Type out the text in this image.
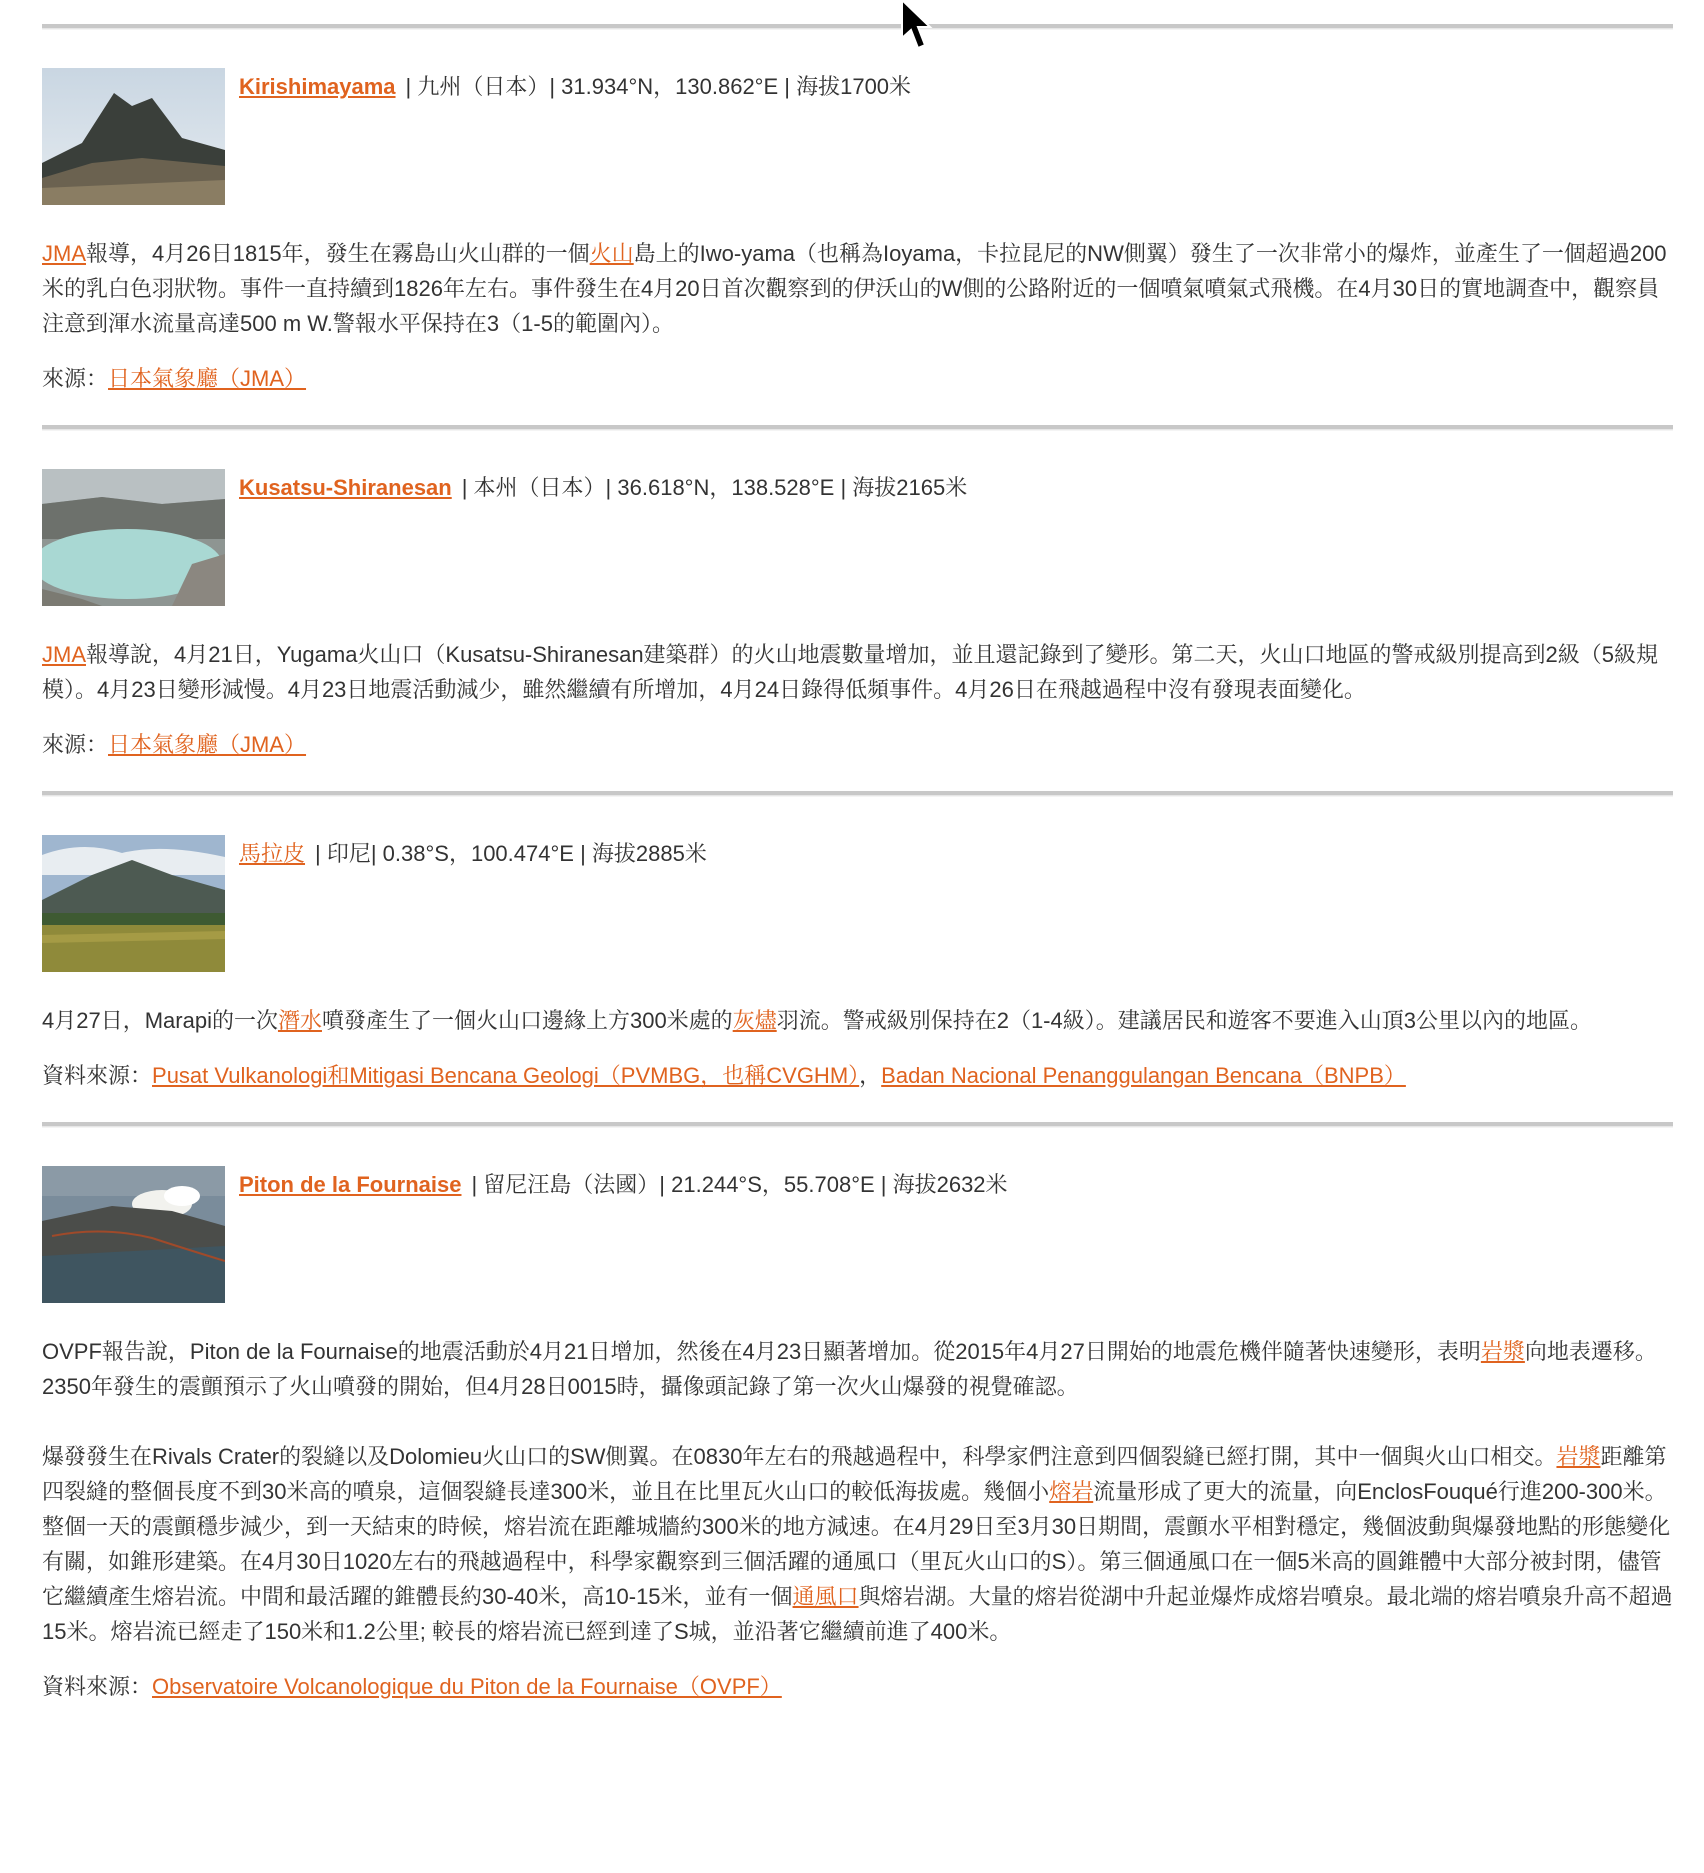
Kirishimayama | 九州（日本）| 31.934°N，130.862°E | 海拔1700米

JMA報導，4月26日1815年，發生在霧島山火山群的一個火山島上的Iwo-yama（也稱為Ioyama，卡拉昆尼的NW側翼）發生了一次非常小的爆炸，並產生了一個超過200米的乳白色羽狀物。事件一直持續到1826年左右。事件發生在4月20日首次觀察到的伊沃山的W側的公路附近的一個噴氣噴氣式飛機。在4月30日的實地調查中，觀察員注意到渾水流量高達500 m W.警報水平保持在3（1-5的範圍內）。

來源：日本氣象廳（JMA）

Kusatsu-Shiranesan | 本州（日本）| 36.618°N，138.528°E | 海拔2165米

JMA報導說，4月21日，Yugama火山口（Kusatsu-Shiranesan建築群）的火山地震數量增加，並且還記錄到了變形。第二天，火山口地區的警戒級別提高到2級（5級規模）。4月23日變形減慢。4月23日地震活動減少，雖然繼續有所增加，4月24日錄得低頻事件。4月26日在飛越過程中沒有發現表面變化。

來源：日本氣象廳（JMA）

馬拉皮 | 印尼| 0.38°S，100.474°E | 海拔2885米

4月27日，Marapi的一次潛水噴發產生了一個火山口邊緣上方300米處的灰燼羽流。警戒級別保持在2（1-4級）。建議居民和遊客不要進入山頂3公里以內的地區。

資料來源：Pusat Vulkanologi和Mitigasi Bencana Geologi（PVMBG，也稱CVGHM），Badan Nacional Penanggulangan Bencana（BNPB）

Piton de la Fournaise | 留尼汪島（法國）| 21.244°S，55.708°E | 海拔2632米

OVPF報告說，Piton de la Fournaise的地震活動於4月21日增加，然後在4月23日顯著增加。從2015年4月27日開始的地震危機伴隨著快速變形，表明岩漿向地表遷移。2350年發生的震顫預示了火山噴發的開始，但4月28日0015時，攝像頭記錄了第一次火山爆發的視覺確認。

爆發發生在Rivals Crater的裂縫以及Dolomieu火山口的SW側翼。在0830年左右的飛越過程中，科學家們注意到四個裂縫已經打開，其中一個與火山口相交。岩漿距離第四裂縫的整個長度不到30米高的噴泉，這個裂縫長達300米，並且在比里瓦火山口的較低海拔處。幾個小熔岩流量形成了更大的流量，向EnclosFouqué行進200-300米。整個一天的震顫穩步減少，到一天結束的時候，熔岩流在距離城牆約300米的地方減速。在4月29日至3月30日期間，震顫水平相對穩定，幾個波動與爆發地點的形態變化有關，如錐形建築。在4月30日1020左右的飛越過程中，科學家觀察到三個活躍的通風口（里瓦火山口的S）。第三個通風口在一個5米高的圓錐體中大部分被封閉，儘管它繼續產生熔岩流。中間和最活躍的錐體長約30-40米，高10-15米，並有一個通風口與熔岩湖。大量的熔岩從湖中升起並爆炸成熔岩噴泉。最北端的熔岩噴泉升高不超過15米。熔岩流已經走了150米和1.2公里; 較長的熔岩流已經到達了S城，並沿著它繼續前進了400米。

資料來源：Observatoire Volcanologique du Piton de la Fournaise（OVPF）
